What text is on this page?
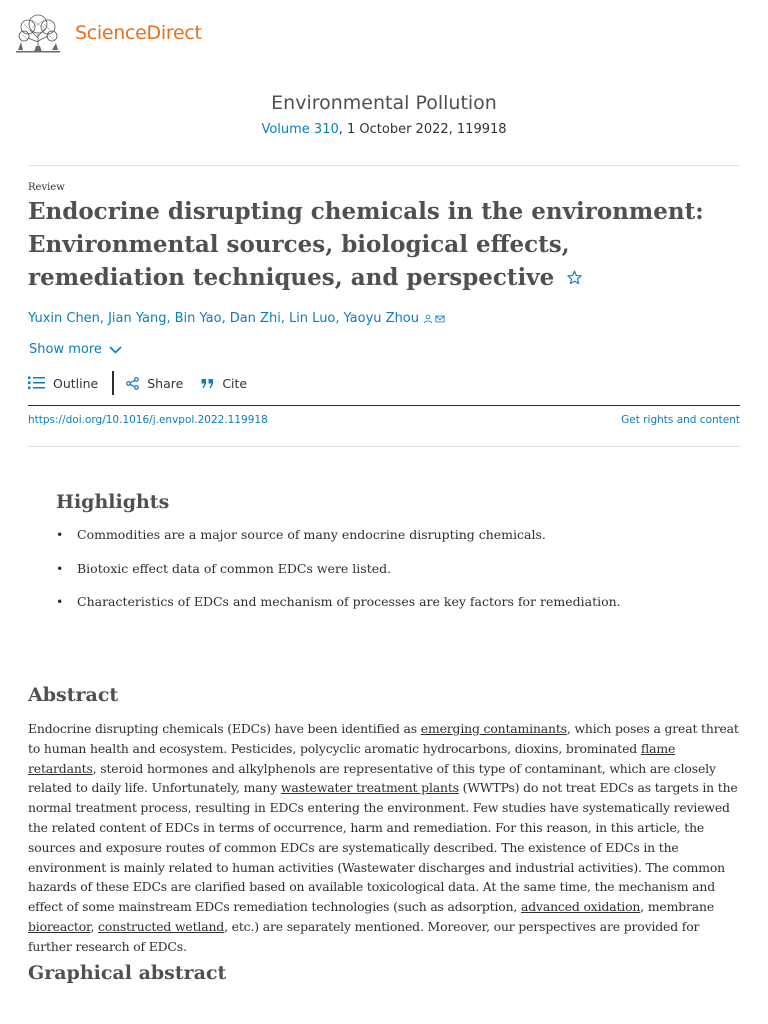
ScienceDirect
Environmental Pollution
Volume 310, 1 October 2022, 119918
Review
Endocrine disrupting chemicals in the environment: Environmental sources, biological effects, remediation techniques, and perspective
Yuxin Chen, Jian Yang, Bin Yao, Dan Zhi, Lin Luo, Yaoyu Zhou
Show more
Outline	Share	Cite
https://doi.org/10.1016/j.envpol.2022.119918	Get rights and content
Highlights
• Commodities are a major source of many endocrine disrupting chemicals.
• Biotoxic effect data of common EDCs were listed.
• Characteristics of EDCs and mechanism of processes are key factors for remediation.
Abstract

Endocrine disrupting chemicals (EDCs) have been identified as emerging contaminants, which poses a great threat to human health and ecosystem. Pesticides, polycyclic aromatic hydrocarbons, dioxins, brominated flame retardants, steroid hormones and alkylphenols are representative of this type of contaminant, which are closely related to daily life. Unfortunately, many wastewater treatment plants (WWTPs) do not treat EDCs as targets in the normal treatment process, resulting in EDCs entering the environment. Few studies have systematically reviewed the related content of EDCs in terms of occurrence, harm and remediation. For this reason, in this article, the sources and exposure routes of common EDCs are systematically described. The existence of EDCs in the environment is mainly related to human activities (Wastewater discharges and industrial activities). The common hazards of these EDCs are clarified based on available toxicological data. At the same time, the mechanism and effect of some mainstream EDCs remediation technologies (such as adsorption, advanced oxidation, membrane bioreactor, constructed wetland, etc.) are separately mentioned. Moreover, our perspectives are provided for further research of EDCs.

Graphical abstract
